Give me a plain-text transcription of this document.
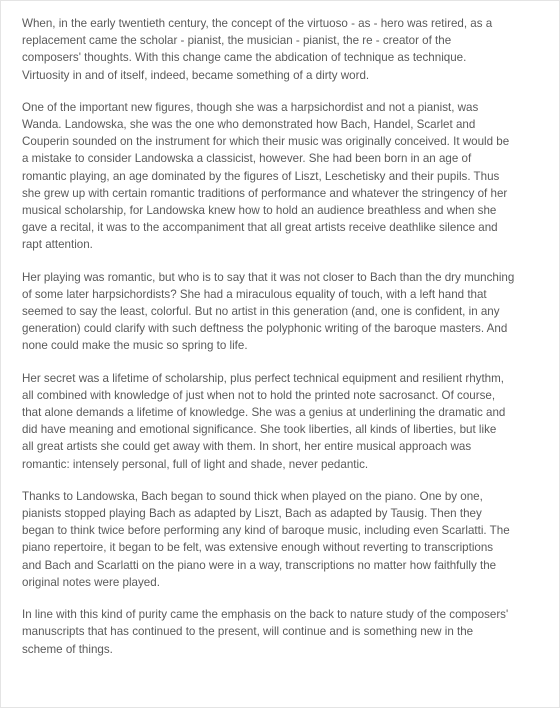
When, in the early twentieth century, the concept of the virtuoso - as - hero was retired, as a
replacement came the scholar - pianist, the musician - pianist, the re - creator of the
composers' thoughts. With this change came the abdication of technique as technique.
Virtuosity in and of itself, indeed, became something of a dirty word.

One of the important new figures, though she was a harpsichordist and not a pianist, was
Wanda. Landowska, she was the one who demonstrated how Bach, Handel, Scarlet and
Couperin sounded on the instrument for which their music was originally conceived. It would be
a mistake to consider Landowska a classicist, however. She had been born in an age of
romantic playing, an age dominated by the figures of Liszt, Leschetisky and their pupils. Thus
she grew up with certain romantic traditions of performance and whatever the stringency of her
musical scholarship, for Landowska knew how to hold an audience breathless and when she
gave a recital, it was to the accompaniment that all great artists receive deathlike silence and
rapt attention.

Her playing was romantic, but who is to say that it was not closer to Bach than the dry munching
of some later harpsichordists? She had a miraculous equality of touch, with a left hand that
seemed to say the least, colorful. But no artist in this generation (and, one is confident, in any
generation) could clarify with such deftness the polyphonic writing of the baroque masters. And
none could make the music so spring to life.

Her secret was a lifetime of scholarship, plus perfect technical equipment and resilient rhythm,
all combined with knowledge of just when not to hold the printed note sacrosanct. Of course,
that alone demands a lifetime of knowledge. She was a genius at underlining the dramatic and
did have meaning and emotional significance. She took liberties, all kinds of liberties, but like
all great artists she could get away with them. In short, her entire musical approach was
romantic: intensely personal, full of light and shade, never pedantic.

Thanks to Landowska, Bach began to sound thick when played on the piano. One by one,
pianists stopped playing Bach as adapted by Liszt, Bach as adapted by Tausig. Then they
began to think twice before performing any kind of baroque music, including even Scarlatti. The
piano repertoire, it began to be felt, was extensive enough without reverting to transcriptions
and Bach and Scarlatti on the piano were in a way, transcriptions no matter how faithfully the
original notes were played.

In line with this kind of purity came the emphasis on the back to nature study of the composers'
manuscripts that has continued to the present, will continue and is something new in the
scheme of things.
